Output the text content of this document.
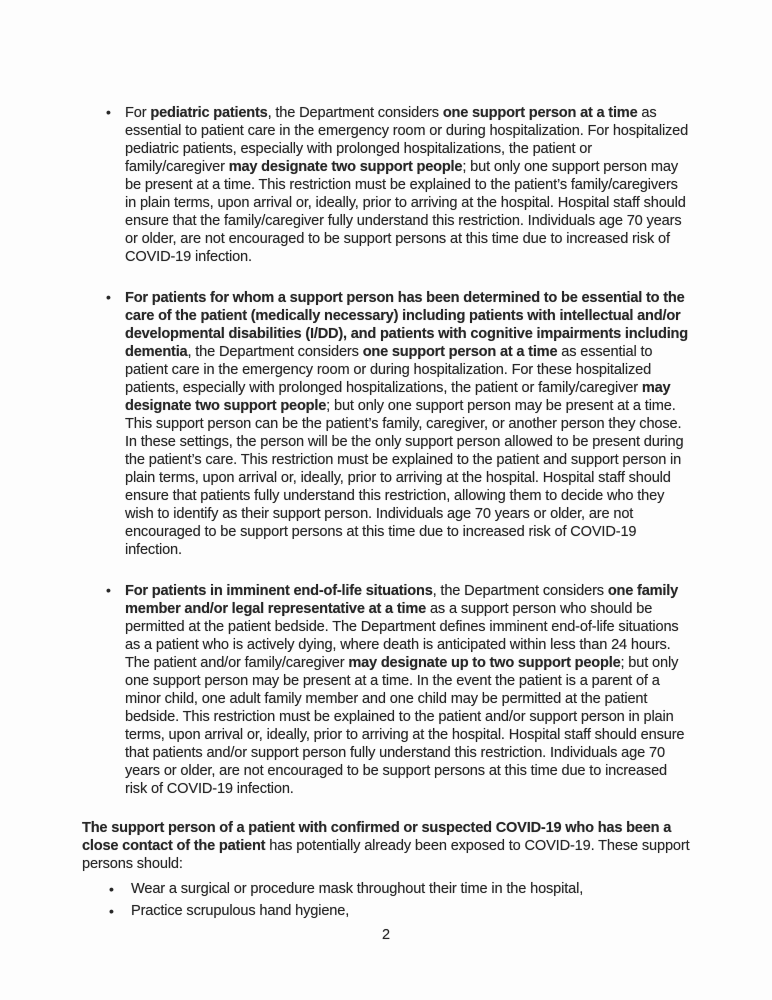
• For pediatric patients, the Department considers one support person at a time as essential to patient care in the emergency room or during hospitalization. For hospitalized pediatric patients, especially with prolonged hospitalizations, the patient or family/caregiver may designate two support people; but only one support person may be present at a time. This restriction must be explained to the patient’s family/caregivers in plain terms, upon arrival or, ideally, prior to arriving at the hospital. Hospital staff should ensure that the family/caregiver fully understand this restriction. Individuals age 70 years or older, are not encouraged to be support persons at this time due to increased risk of COVID-19 infection.
• For patients for whom a support person has been determined to be essential to the care of the patient (medically necessary) including patients with intellectual and/or developmental disabilities (I/DD), and patients with cognitive impairments including dementia, the Department considers one support person at a time as essential to patient care in the emergency room or during hospitalization. For these hospitalized patients, especially with prolonged hospitalizations, the patient or family/caregiver may designate two support people; but only one support person may be present at a time. This support person can be the patient’s family, caregiver, or another person they chose. In these settings, the person will be the only support person allowed to be present during the patient’s care. This restriction must be explained to the patient and support person in plain terms, upon arrival or, ideally, prior to arriving at the hospital. Hospital staff should ensure that patients fully understand this restriction, allowing them to decide who they wish to identify as their support person. Individuals age 70 years or older, are not encouraged to be support persons at this time due to increased risk of COVID-19 infection.
• For patients in imminent end-of-life situations, the Department considers one family member and/or legal representative at a time as a support person who should be permitted at the patient bedside. The Department defines imminent end-of-life situations as a patient who is actively dying, where death is anticipated within less than 24 hours. The patient and/or family/caregiver may designate up to two support people; but only one support person may be present at a time. In the event the patient is a parent of a minor child, one adult family member and one child may be permitted at the patient bedside. This restriction must be explained to the patient and/or support person in plain terms, upon arrival or, ideally, prior to arriving at the hospital. Hospital staff should ensure that patients and/or support person fully understand this restriction. Individuals age 70 years or older, are not encouraged to be support persons at this time due to increased risk of COVID-19 infection.

The support person of a patient with confirmed or suspected COVID-19 who has been a close contact of the patient has potentially already been exposed to COVID-19. These support persons should:

• Wear a surgical or procedure mask throughout their time in the hospital,
• Practice scrupulous hand hygiene,
2
